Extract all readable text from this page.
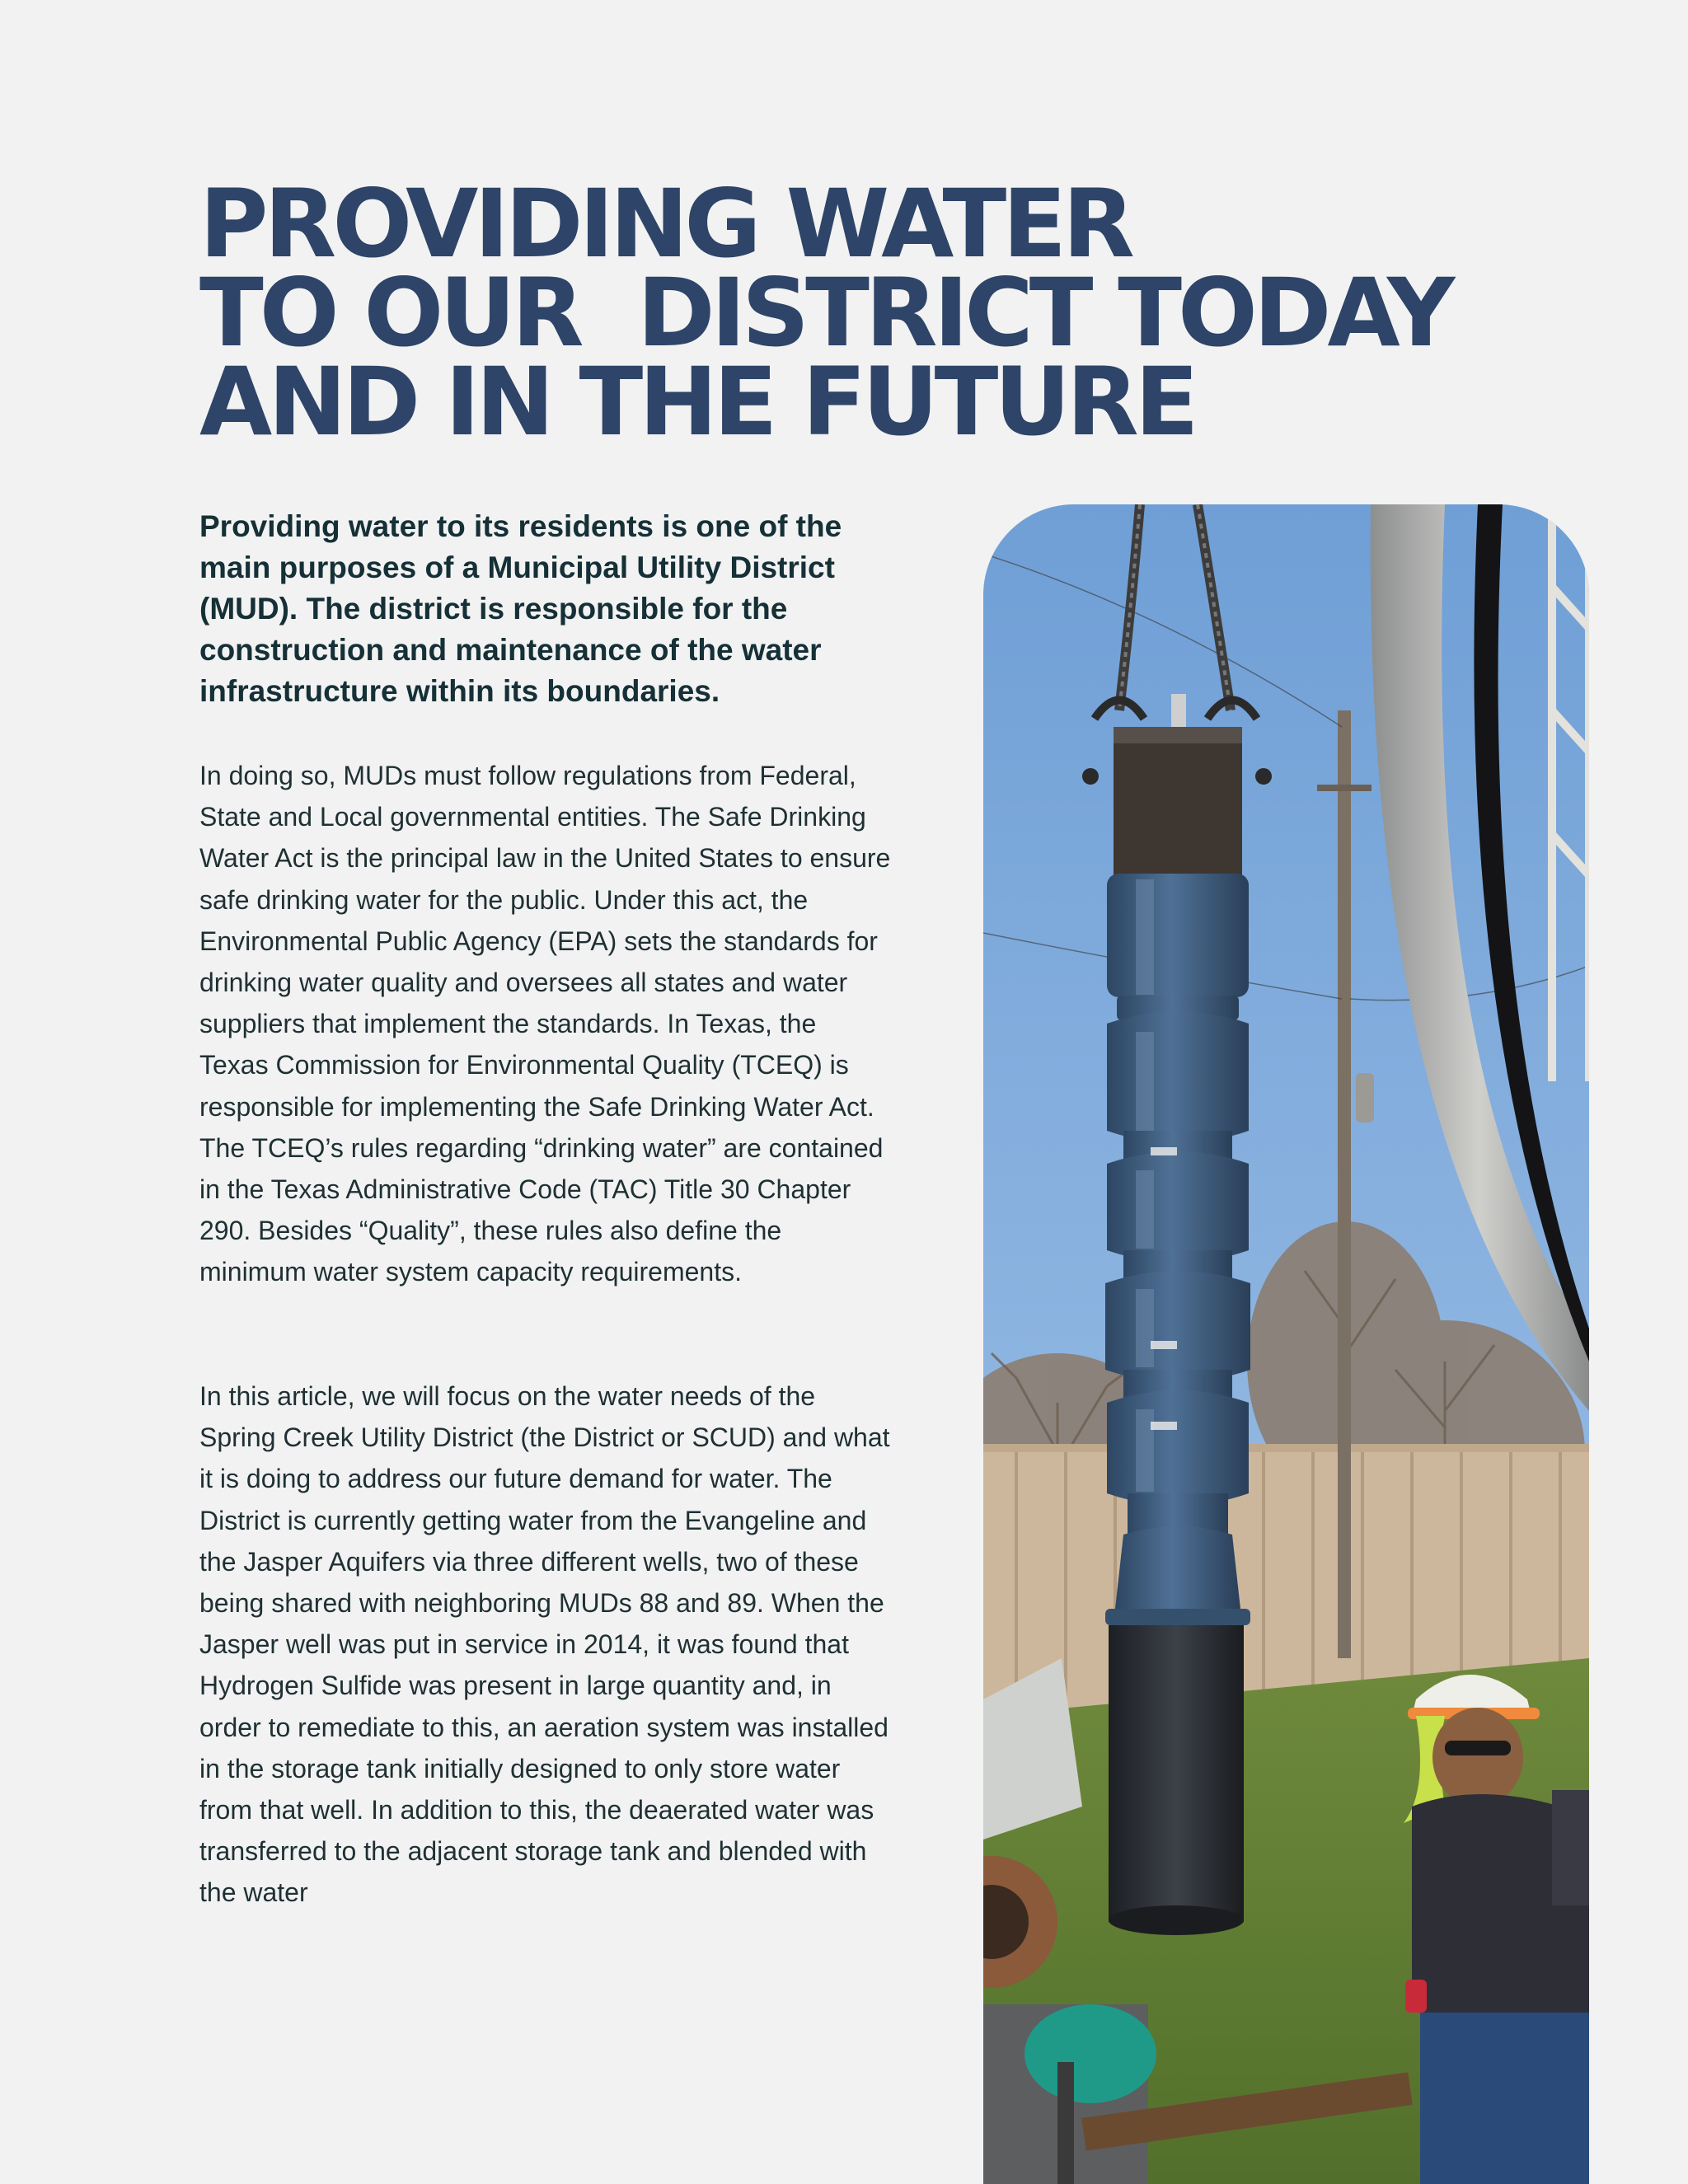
PROVIDING WATER
TO OUR  DISTRICT TODAY
AND IN THE FUTURE

Providing water to its residents is one of the main purposes of a Municipal Utility District (MUD). The district is responsible for the construction and maintenance of the water infrastructure within its boundaries.

In doing so, MUDs must follow regulations from Federal, State and Local governmental entities. The Safe Drinking Water Act is the principal law in the United States to ensure safe drinking water for the public. Under this act, the Environmental Public Agency (EPA) sets the standards for drinking water quality and oversees all states and water suppliers that implement the standards. In Texas, the Texas Commission for Environmental Quality (TCEQ) is responsible for implementing the Safe Drinking Water Act. The TCEQ’s rules regarding “drinking water” are contained in the Texas Administrative Code (TAC) Title 30 Chapter 290. Besides “Quality”, these rules also define the minimum water system capacity requirements.

In this article, we will focus on the water needs of the Spring Creek Utility District (the District or SCUD) and what it is doing to address our future demand for water. The District is currently getting water from the Evangeline and the Jasper Aquifers via three different wells, two of these being shared with neighboring MUDs 88 and 89. When the Jasper well was put in service in 2014, it was found that Hydrogen Sulfide was present in large quantity and, in order to remediate to this, an aeration system was installed in the storage tank initially designed to only store water from that well. In addition to this, the deaerated water was transferred to the adjacent storage tank and blended with the water
